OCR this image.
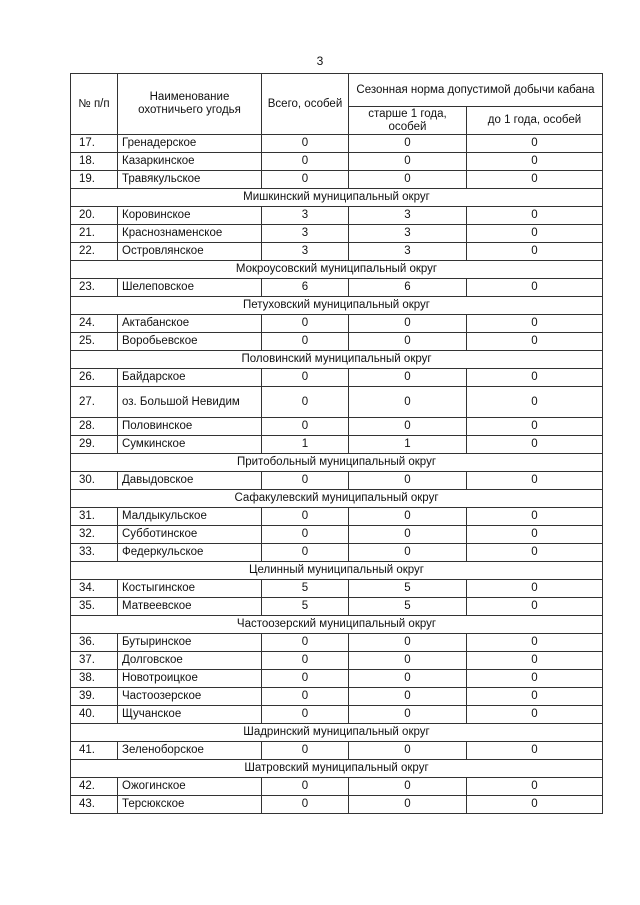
3
№ п/п	Наименование охотничьего угодья	Всего, особей	Сезонная норма допустимой добычи кабана	
			старше 1 года, особей	до 1 года, особей
17.	Гренадерское	0	0	0
18.	Казаркинское	0	0	0
19.	Травякульское	0	0	0
Мишкинский муниципальный округ				
20.	Коровинское	3	3	0
21.	Краснознаменское	3	3	0
22.	Островлянское	3	3	0
Мокроусовский муниципальный округ				
23.	Шелеповское	6	6	0
Петуховский муниципальный округ				
24.	Актабанское	0	0	0
25.	Воробьевское	0	0	0
Половинский муниципальный округ				
26.	Байдарское	0	0	0
27.	оз. Большой Невидим	0	0	0
28.	Половинское	0	0	0
29.	Сумкинское	1	1	0
Притобольный муниципальный округ				
30.	Давыдовское	0	0	0
Сафакулевский муниципальный округ				
31.	Малдыкульское	0	0	0
32.	Субботинское	0	0	0
33.	Федеркульское	0	0	0
Целинный муниципальный округ				
34.	Костыгинское	5	5	0
35.	Матвеевское	5	5	0
Частоозерский муниципальный округ				
36.	Бутыринское	0	0	0
37.	Долговское	0	0	0
38.	Новотроицкое	0	0	0
39.	Частоозерское	0	0	0
40.	Щучанское	0	0	0
Шадринский муниципальный округ				
41.	Зеленоборское	0	0	0
Шатровский муниципальный округ				
42.	Ожогинское	0	0	0
43.	Терсюкское	0	0	0
